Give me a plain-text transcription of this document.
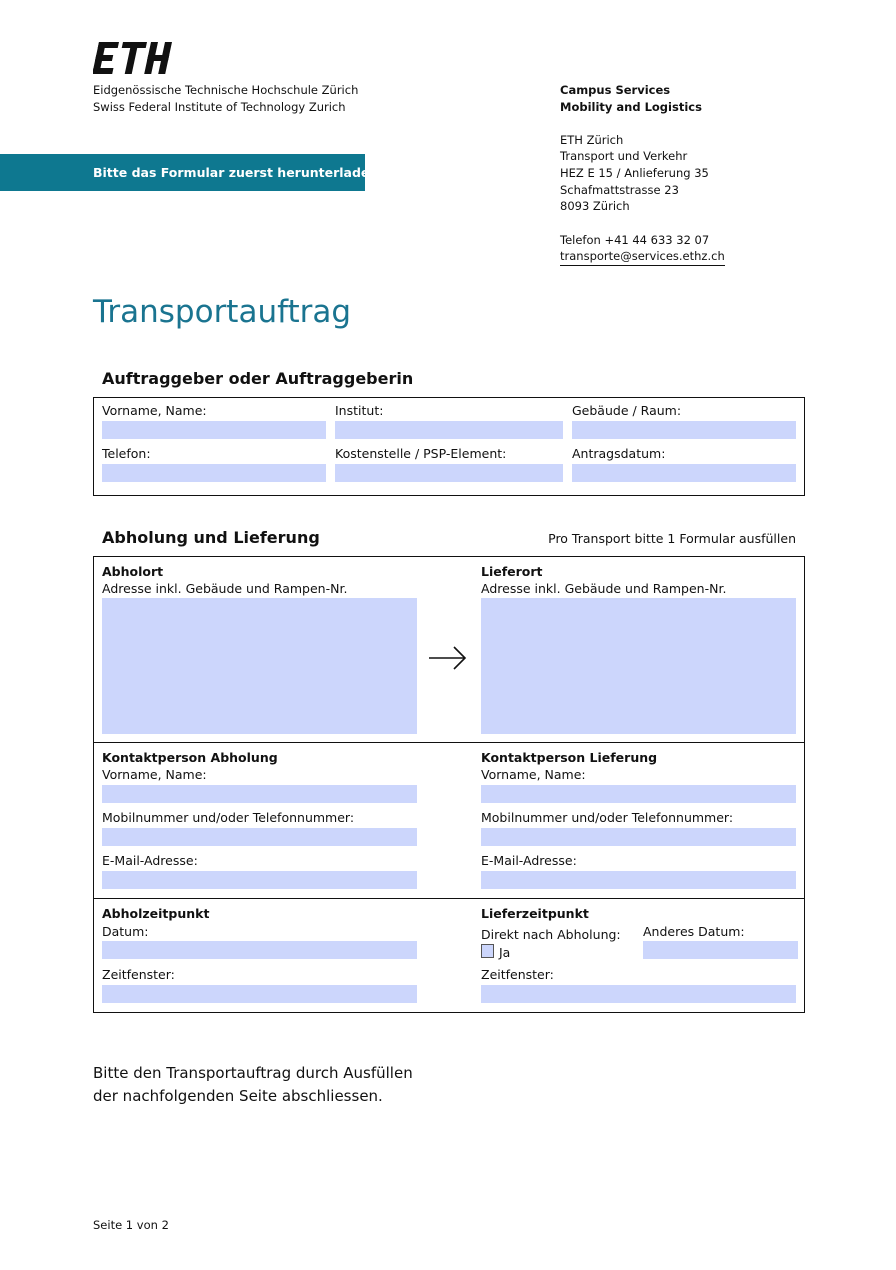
Eidgenössische Technische Hochschule Zürich
Swiss Federal Institute of Technology Zurich
Bitte das Formular zuerst herunterladen.
Campus Services
Mobility and Logistics
ETH Zürich
Transport und Verkehr
HEZ E 15 / Anlieferung 35
Schafmattstrasse 23
8093 Zürich
Telefon +41 44 633 32 07
transporte@services.ethz.ch
Transportauftrag
Auftraggeber oder Auftraggeberin
Vorname, Name:	Institut:	Gebäude / Raum:
Telefon:	Kostenstelle / PSP-Element:	Antragsdatum:
Abholung und Lieferung	Pro Transport bitte 1 Formular ausfüllen
Abholort
Adresse inkl. Gebäude und Rampen-Nr.
Lieferort
Adresse inkl. Gebäude und Rampen-Nr.
Kontaktperson Abholung
Vorname, Name:
Mobilnummer und/oder Telefonnummer:
E-Mail-Adresse:
Kontaktperson Lieferung
Vorname, Name:
Mobilnummer und/oder Telefonnummer:
E-Mail-Adresse:
Abholzeitpunkt
Datum:
Zeitfenster:
Lieferzeitpunkt
Direkt nach Abholung:
Ja
Anderes Datum:
Zeitfenster:
Bitte den Transportauftrag durch Ausfüllen
der nachfolgenden Seite abschliessen.
Seite 1 von 2
